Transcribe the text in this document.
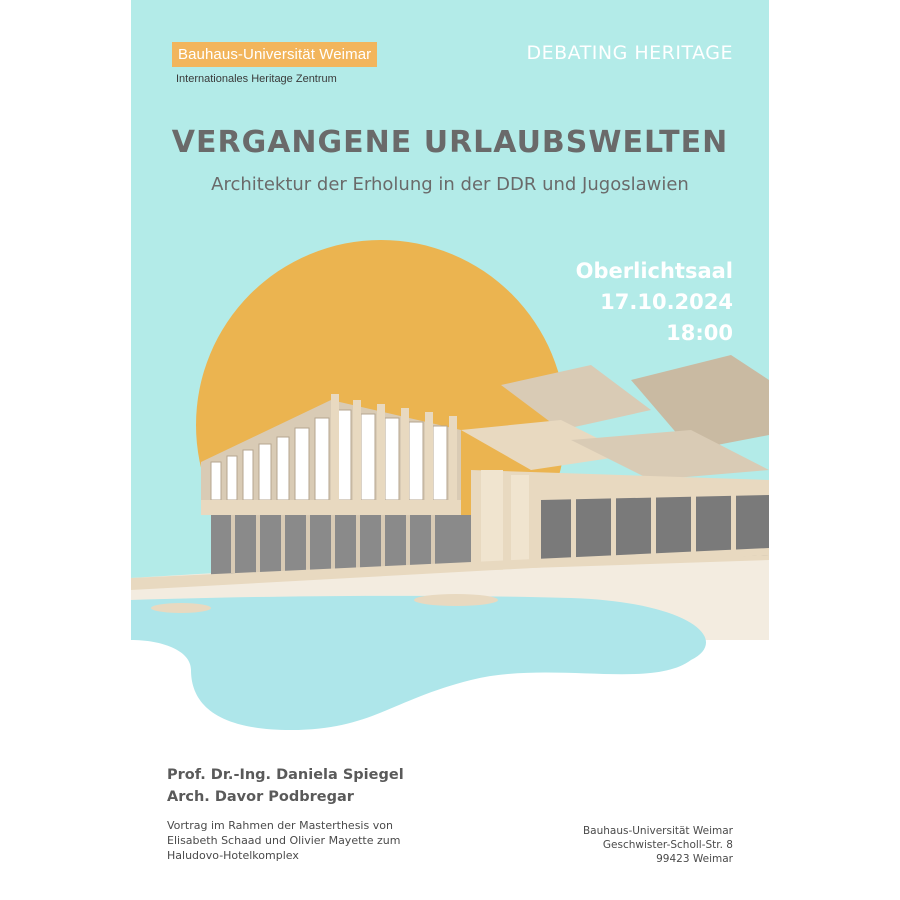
Bauhaus-Universität Weimar
Internationales Heritage Zentrum
DEBATING HERITAGE
VERGANGENE URLAUBSWELTEN
Architektur der Erholung in der DDR und Jugoslawien
Oberlichtsaal
17.10.2024
18:00
Prof. Dr.-Ing. Daniela Spiegel
Arch. Davor Podbregar
Vortrag im Rahmen der Masterthesis von
Elisabeth Schaad und Olivier Mayette zum
Haludovo-Hotelkomplex
Bauhaus-Universität Weimar
Geschwister-Scholl-Str. 8
99423 Weimar
